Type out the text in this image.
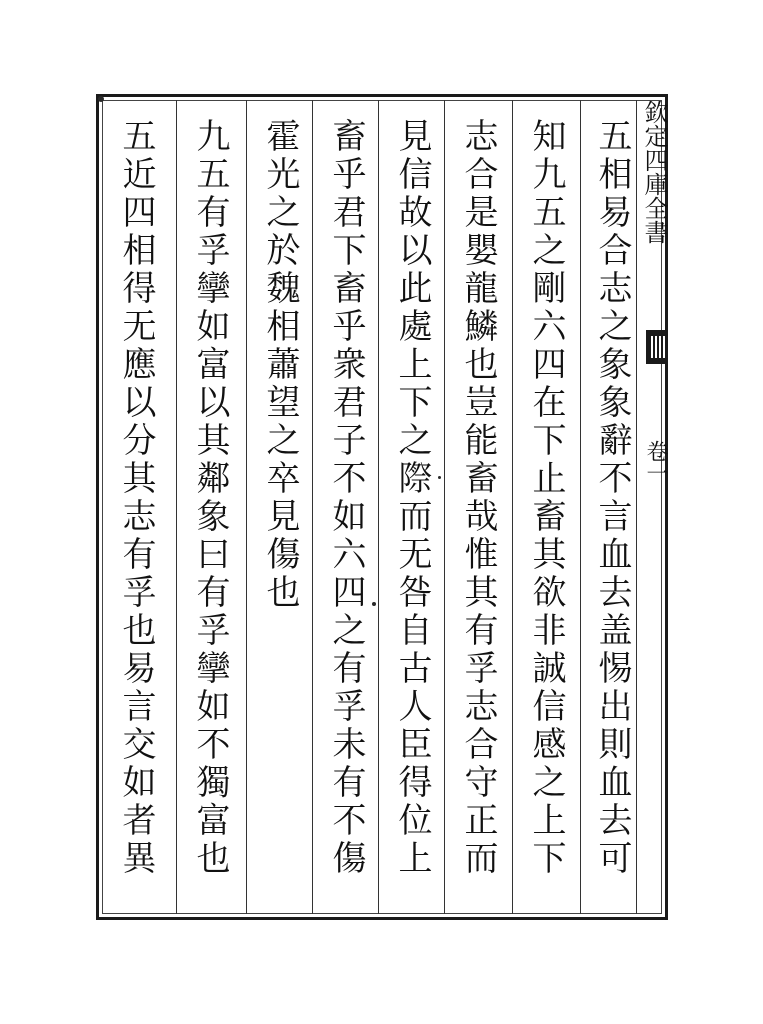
欽定四庫全書
卷一
五相易合志之象象辭不言血去盖惕出則血去可
知九五之剛六四在下止畜其欲非誠信感之上下
志合是嬰龍鱗也豈能畜哉惟其有孚志合守正而
見信故以此處上下之際而无咎自古人臣得位上
畜乎君下畜乎衆君子不如六四之有孚未有不傷
霍光之於魏相蕭望之卒見傷也
九五有孚攣如富以其鄰象曰有孚攣如不獨富也
五近四相得无應以分其志有孚也易言交如者異
